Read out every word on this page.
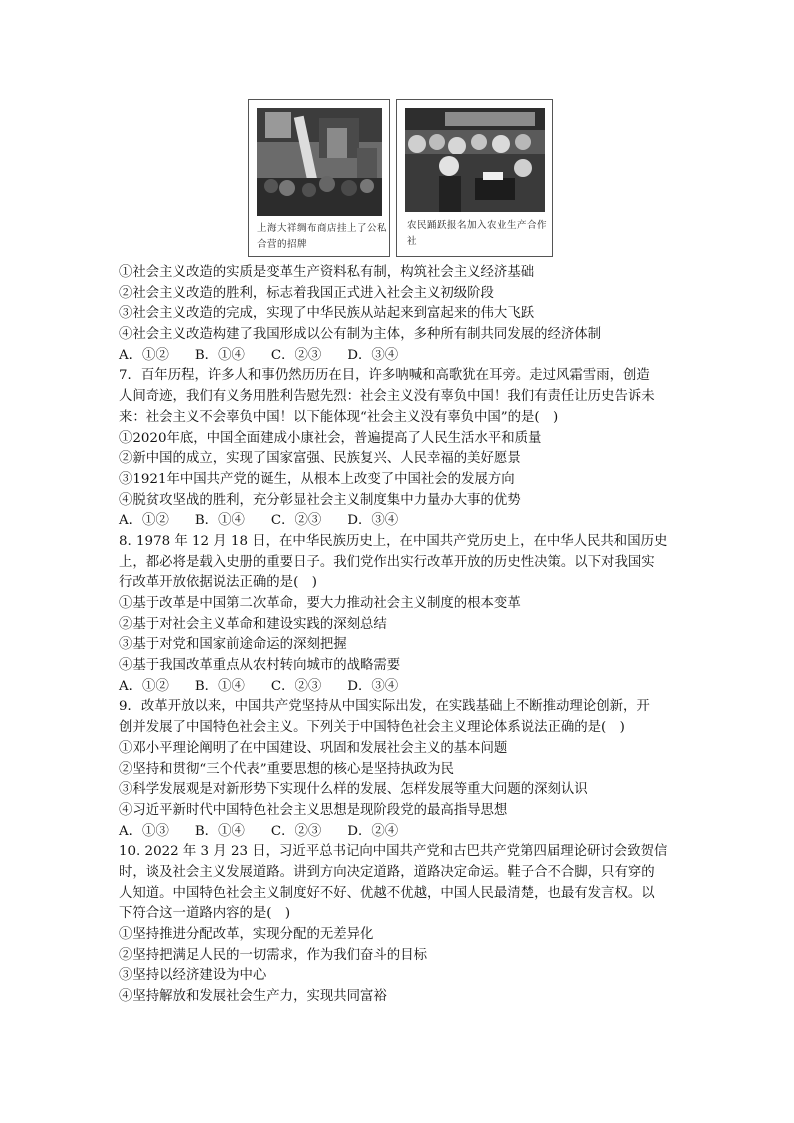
上海大祥绸布商店挂上了公私合营的招牌
农民踊跃报名加入农业生产合作社
①社会主义改造的实质是变革生产资料私有制，构筑社会主义经济基础
②社会主义改造的胜利，标志着我国正式进入社会主义初级阶段
③社会主义改造的完成，实现了中华民族从站起来到富起来的伟大飞跃
④社会主义改造构建了我国形成以公有制为主体，多种所有制共同发展的经济体制
A．①② B．①④ C．②③ D．③④
7．百年历程，许多人和事仍然历历在目，许多呐喊和高歌犹在耳旁。走过风霜雪雨，创造
人间奇迹，我们有义务用胜利告慰先烈：社会主义没有辜负中国！我们有责任让历史告诉未
来：社会主义不会辜负中国！以下能体现“社会主义没有辜负中国”的是(　)
①2020年底，中国全面建成小康社会，普遍提高了人民生活水平和质量
②新中国的成立，实现了国家富强、民族复兴、人民幸福的美好愿景
③1921年中国共产党的诞生，从根本上改变了中国社会的发展方向
④脱贫攻坚战的胜利，充分彰显社会主义制度集中力量办大事的优势
A．①② B．①④ C．②③ D．③④
8. 1978 年 12 月 18 日，在中华民族历史上，在中国共产党历史上，在中华人民共和国历史
上，都必将是载入史册的重要日子。我们党作出实行改革开放的历史性决策。以下对我国实
行改革开放依据说法正确的是(　)
①基于改革是中国第二次革命，要大力推动社会主义制度的根本变革
②基于对社会主义革命和建设实践的深刻总结
③基于对党和国家前途命运的深刻把握
④基于我国改革重点从农村转向城市的战略需要
A．①② B．①④ C．②③ D．③④
9．改革开放以来，中国共产党坚持从中国实际出发，在实践基础上不断推动理论创新，开
创并发展了中国特色社会主义。下列关于中国特色社会主义理论体系说法正确的是(　)
①邓小平理论阐明了在中国建设、巩固和发展社会主义的基本问题
②坚持和贯彻“三个代表”重要思想的核心是坚持执政为民
③科学发展观是对新形势下实现什么样的发展、怎样发展等重大问题的深刻认识
④习近平新时代中国特色社会主义思想是现阶段党的最高指导思想
A．①③ B．①④ C．②③ D．②④
10. 2022 年 3 月 23 日，习近平总书记向中国共产党和古巴共产党第四届理论研讨会致贺信
时，谈及社会主义发展道路。讲到方向决定道路，道路决定命运。鞋子合不合脚，只有穿的
人知道。中国特色社会主义制度好不好、优越不优越，中国人民最清楚，也最有发言权。以
下符合这一道路内容的是(　)
①坚持推进分配改革，实现分配的无差异化
②坚持把满足人民的一切需求，作为我们奋斗的目标
③坚持以经济建设为中心
④坚持解放和发展社会生产力，实现共同富裕
